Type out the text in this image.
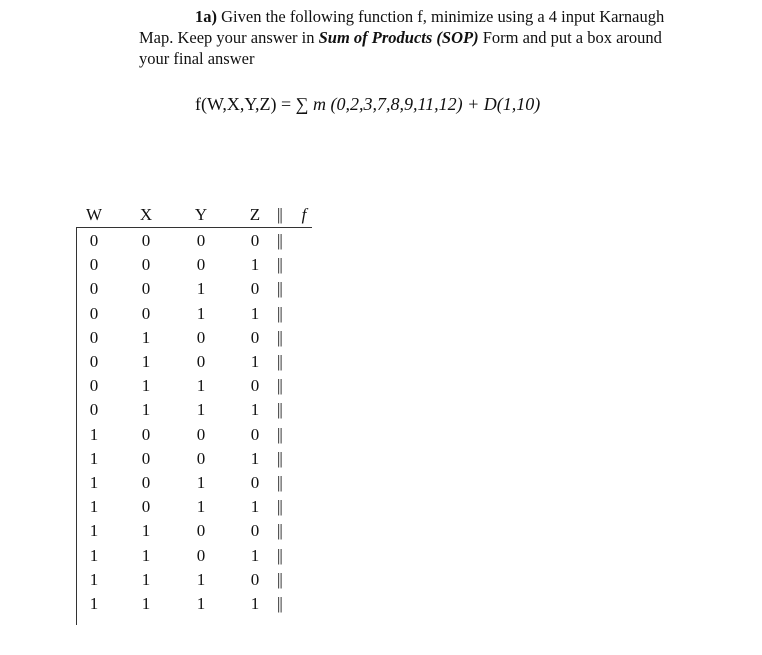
1a) Given the following function f, minimize using a 4 input Karnaugh
Map. Keep your answer in Sum of Products (SOP) Form and put a box around
your final answer
f(W,X,Y,Z) = ∑ m (0,2,3,7,8,9,11,12) + D(1,10)
W	X	Y	Z || f
0	0	0	0	||
0	0	0	1	||
0	0	1	0	||
0	0	1	1	||
0	1	0	0	||
0	1	0	1	||
0	1	1	0	||
0	1	1	1	||
1	0	0	0	||
1	0	0	1	||
1	0	1	0	||
1	0	1	1	||
1	1	0	0	||
1	1	0	1	||
1	1	1	0	||
1	1	1	1	||
